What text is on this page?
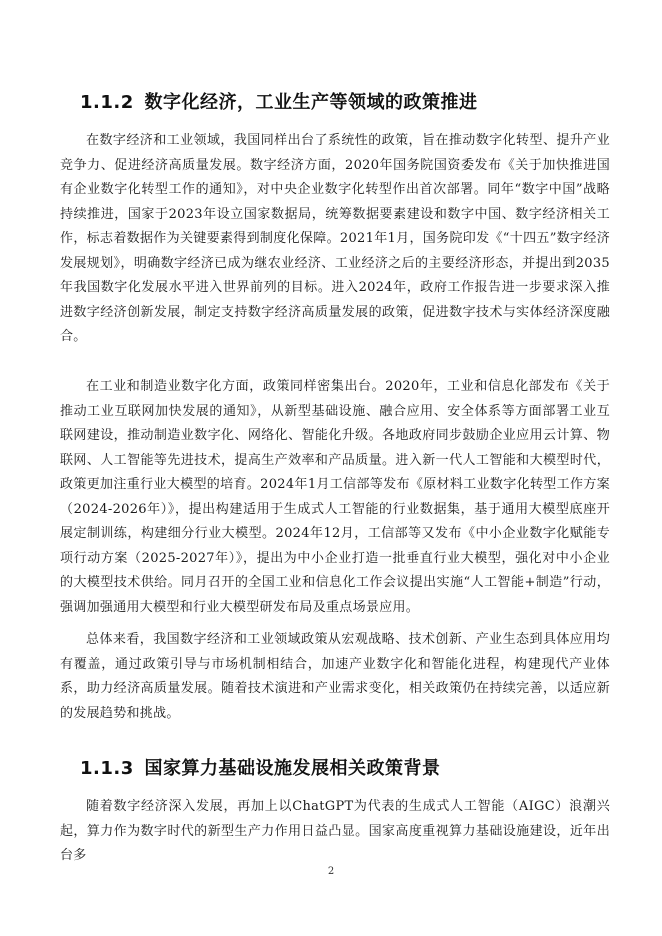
1.1.2 数字化经济，工业生产等领域的政策推进

在数字经济和工业领域，我国同样出台了系统性的政策，旨在推动数字化转型、提升产业竞争力、促进经济高质量发展。数字经济方面，2020年国务院国资委发布《关于加快推进国有企业数字化转型工作的通知》，对中央企业数字化转型作出首次部署。同年“数字中国”战略持续推进，国家于2023年设立国家数据局，统筹数据要素建设和数字中国、数字经济相关工作，标志着数据作为关键要素得到制度化保障。2021年1月，国务院印发《“十四五”数字经济发展规划》，明确数字经济已成为继农业经济、工业经济之后的主要经济形态，并提出到2035年我国数字化发展水平进入世界前列的目标。进入2024年，政府工作报告进一步要求深入推进数字经济创新发展，制定支持数字经济高质量发展的政策，促进数字技术与实体经济深度融合。

在工业和制造业数字化方面，政策同样密集出台。2020年，工业和信息化部发布《关于推动工业互联网加快发展的通知》，从新型基础设施、融合应用、安全体系等方面部署工业互联网建设，推动制造业数字化、网络化、智能化升级。各地政府同步鼓励企业应用云计算、物联网、人工智能等先进技术，提高生产效率和产品质量。进入新一代人工智能和大模型时代，政策更加注重行业大模型的培育。2024年1月工信部等发布《原材料工业数字化转型工作方案（2024-2026年）》，提出构建适用于生成式人工智能的行业数据集，基于通用大模型底座开展定制训练，构建细分行业大模型。2024年12月，工信部等又发布《中小企业数字化赋能专项行动方案（2025-2027年）》，提出为中小企业打造一批垂直行业大模型，强化对中小企业的大模型技术供给。同月召开的全国工业和信息化工作会议提出实施“人工智能+制造”行动，强调加强通用大模型和行业大模型研发布局及重点场景应用。

总体来看，我国数字经济和工业领域政策从宏观战略、技术创新、产业生态到具体应用均有覆盖，通过政策引导与市场机制相结合，加速产业数字化和智能化进程，构建现代产业体系，助力经济高质量发展。随着技术演进和产业需求变化，相关政策仍在持续完善，以适应新的发展趋势和挑战。

1.1.3 国家算力基础设施发展相关政策背景

随着数字经济深入发展，再加上以ChatGPT为代表的生成式人工智能（AIGC）浪潮兴起，算力作为数字时代的新型生产力作用日益凸显。国家高度重视算力基础设施建设，近年出台多

2
